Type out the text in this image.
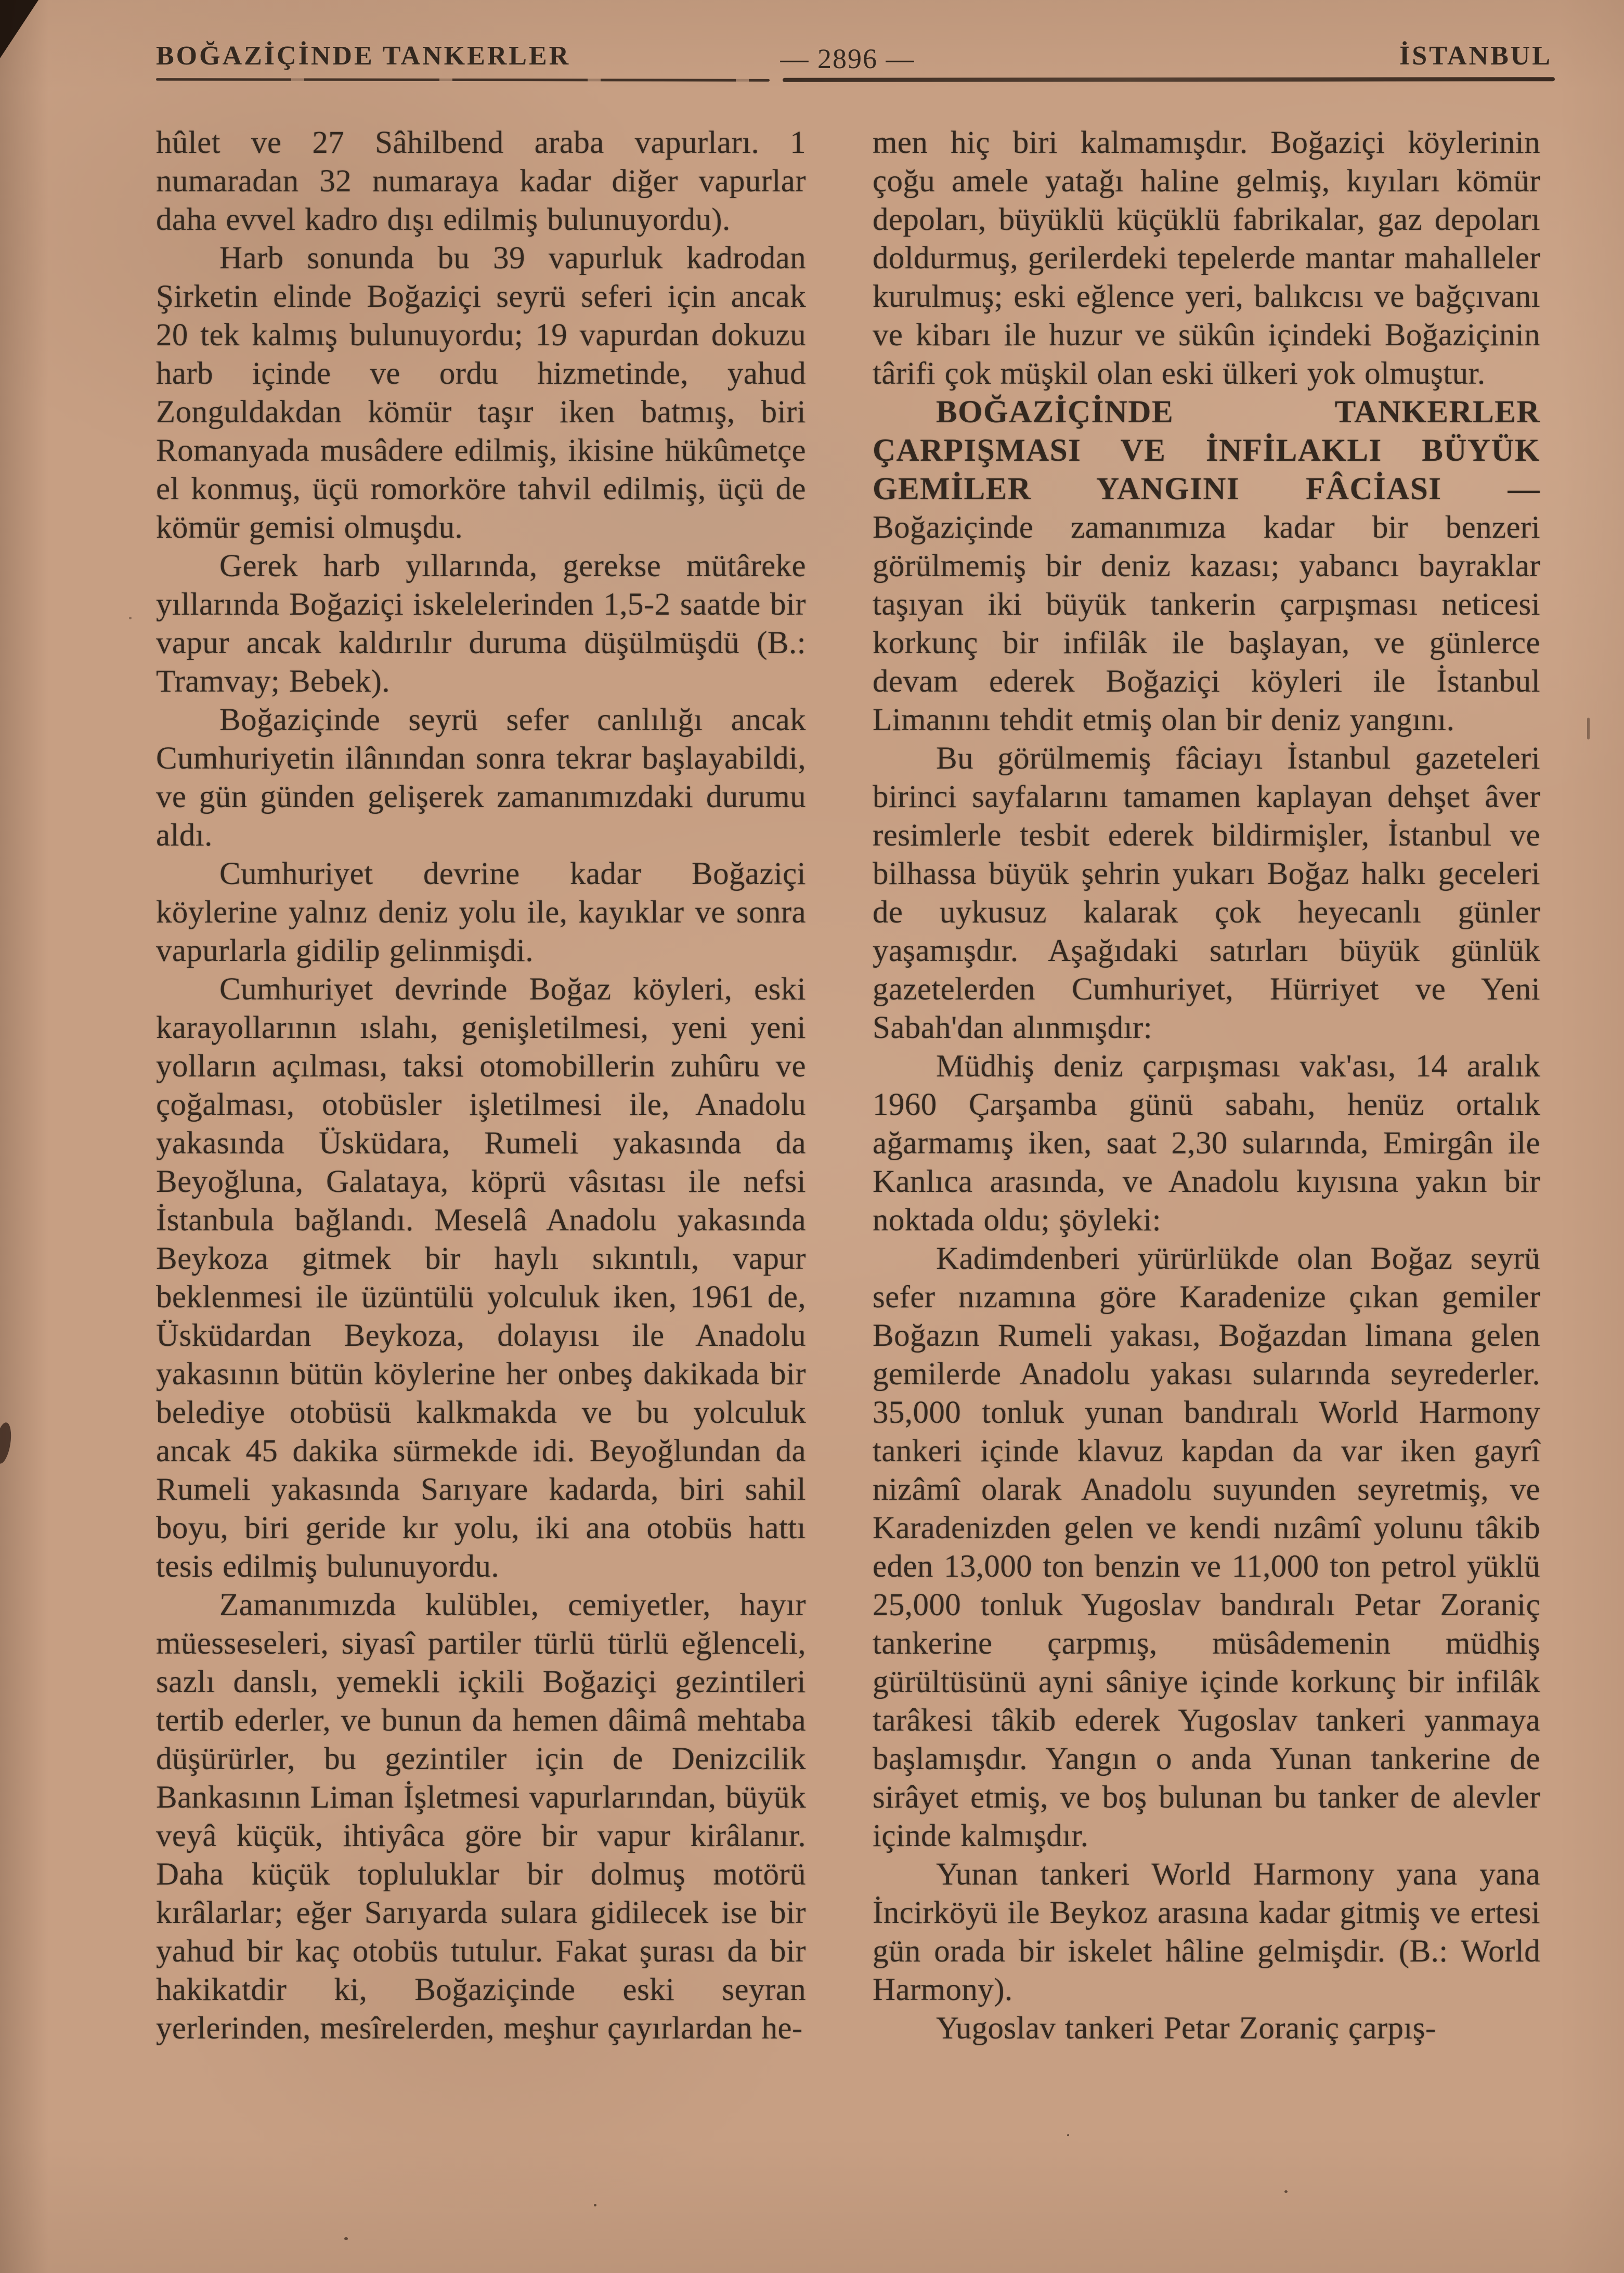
BOĞAZİÇİNDE TANKERLER	— 2896 —	İSTANBUL

hûlet ve 27 Sâhilbend araba vapurları. 1 numaradan 32 numaraya kadar diğer vapurlar daha evvel kadro dışı edilmiş bulunuyordu).

Harb sonunda bu 39 vapurluk kadrodan Şirketin elinde Boğaziçi seyrü seferi için ancak 20 tek kalmış bulunuyordu; 19 vapurdan dokuzu harb içinde ve ordu hizmetinde, yahud Zonguldakdan kömür taşır iken batmış, biri Romanyada musâdere edilmiş, ikisine hükûmetçe el konmuş, üçü romorköre tahvil edilmiş, üçü de kömür gemisi olmuşdu.

Gerek harb yıllarında, gerekse mütâreke yıllarında Boğaziçi iskelelerinden 1,5-2 saatde bir vapur ancak kaldırılır duruma düşülmüşdü (B.: Tramvay; Bebek).

Boğaziçinde seyrü sefer canlılığı ancak Cumhuriyetin ilânından sonra tekrar başlayabildi, ve gün günden gelişerek zamanımızdaki durumu aldı.

Cumhuriyet devrine kadar Boğaziçi köylerine yalnız deniz yolu ile, kayıklar ve sonra vapurlarla gidilip gelinmişdi.

Cumhuriyet devrinde Boğaz köyleri, eski karayollarının ıslahı, genişletilmesi, yeni yeni yolların açılması, taksi otomobillerin zuhûru ve çoğalması, otobüsler işletilmesi ile, Anadolu yakasında Üsküdara, Rumeli yakasında da Beyoğluna, Galataya, köprü vâsıtası ile nefsi İstanbula bağlandı. Meselâ Anadolu yakasında Beykoza gitmek bir haylı sıkıntılı, vapur beklenmesi ile üzüntülü yolculuk iken, 1961 de, Üsküdardan Beykoza, dolayısı ile Anadolu yakasının bütün köylerine her onbeş dakikada bir belediye otobüsü kalkmakda ve bu yolculuk ancak 45 dakika sürmekde idi. Beyoğlundan da Rumeli yakasında Sarıyare kadarda, biri sahil boyu, biri geride kır yolu, iki ana otobüs hattı tesis edilmiş bulunuyordu.

Zamanımızda kulübleı, cemiyetler, hayır müesseseleri, siyasî partiler türlü türlü eğlenceli, sazlı danslı, yemekli içkili Boğaziçi gezintileri tertib ederler, ve bunun da hemen dâimâ mehtaba düşürürler, bu gezintiler için de Denizcilik Bankasının Liman İşletmesi vapurlarından, büyük veyâ küçük, ihtiyâca göre bir vapur kirâlanır. Daha küçük topluluklar bir dolmuş motörü kırâlarlar; eğer Sarıyarda sulara gidilecek ise bir yahud bir kaç otobüs tutulur. Fakat şurası da bir hakikatdir ki, Boğaziçinde eski seyran yerlerinden, mesîrelerden, meşhur çayırlardan he-

men hiç biri kalmamışdır. Boğaziçi köylerinin çoğu amele yatağı haline gelmiş, kıyıları kömür depoları, büyüklü küçüklü fabrikalar, gaz depoları doldurmuş, gerilerdeki tepelerde mantar mahalleler kurulmuş; eski eğlence yeri, balıkcısı ve bağçıvanı ve kibarı ile huzur ve sükûn içindeki Boğaziçinin târifi çok müşkil olan eski ülkeri yok olmuştur.

BOĞAZİÇİNDE TANKERLER ÇARPIŞMASI VE İNFİLAKLI BÜYÜK GEMİLER YANGINI FÂCİASI — Boğaziçinde zamanımıza kadar bir benzeri görülmemiş bir deniz kazası; yabancı bayraklar taşıyan iki büyük tankerin çarpışması neticesi korkunç bir infilâk ile başlayan, ve günlerce devam ederek Boğaziçi köyleri ile İstanbul Limanını tehdit etmiş olan bir deniz yangını.

Bu görülmemiş fâciayı İstanbul gazeteleri birinci sayfalarını tamamen kaplayan dehşet âver resimlerle tesbit ederek bildirmişler, İstanbul ve bilhassa büyük şehrin yukarı Boğaz halkı geceleri de uykusuz kalarak çok heyecanlı günler yaşamışdır. Aşağıdaki satırları büyük günlük gazetelerden Cumhuriyet, Hürriyet ve Yeni Sabah'dan alınmışdır:

Müdhiş deniz çarpışması vak'ası, 14 aralık 1960 Çarşamba günü sabahı, henüz ortalık ağarmamış iken, saat 2,30 sularında, Emirgân ile Kanlıca arasında, ve Anadolu kıyısına yakın bir noktada oldu; şöyleki:

Kadimdenberi yürürlükde olan Boğaz seyrü sefer nızamına göre Karadenize çıkan gemiler Boğazın Rumeli yakası, Boğazdan limana gelen gemilerde Anadolu yakası sularında seyrederler. 35,000 tonluk yunan bandıralı World Harmony tankeri içinde klavuz kapdan da var iken gayrî nizâmî olarak Anadolu suyunden seyretmiş, ve Karadenizden gelen ve kendi nızâmî yolunu tâkib eden 13,000 ton benzin ve 11,000 ton petrol yüklü 25,000 tonluk Yugoslav bandıralı Petar Zoraniç tankerine çarpmış, müsâdemenin müdhiş gürültüsünü ayni sâniye içinde korkunç bir infilâk tarâkesi tâkib ederek Yugoslav tankeri yanmaya başlamışdır. Yangın o anda Yunan tankerine de sirâyet etmiş, ve boş bulunan bu tanker de alevler içinde kalmışdır.

Yunan tankeri World Harmony yana yana İncirköyü ile Beykoz arasına kadar gitmiş ve ertesi gün orada bir iskelet hâline gelmişdir. (B.: World Harmony).

Yugoslav tankeri Petar Zoraniç çarpış-
